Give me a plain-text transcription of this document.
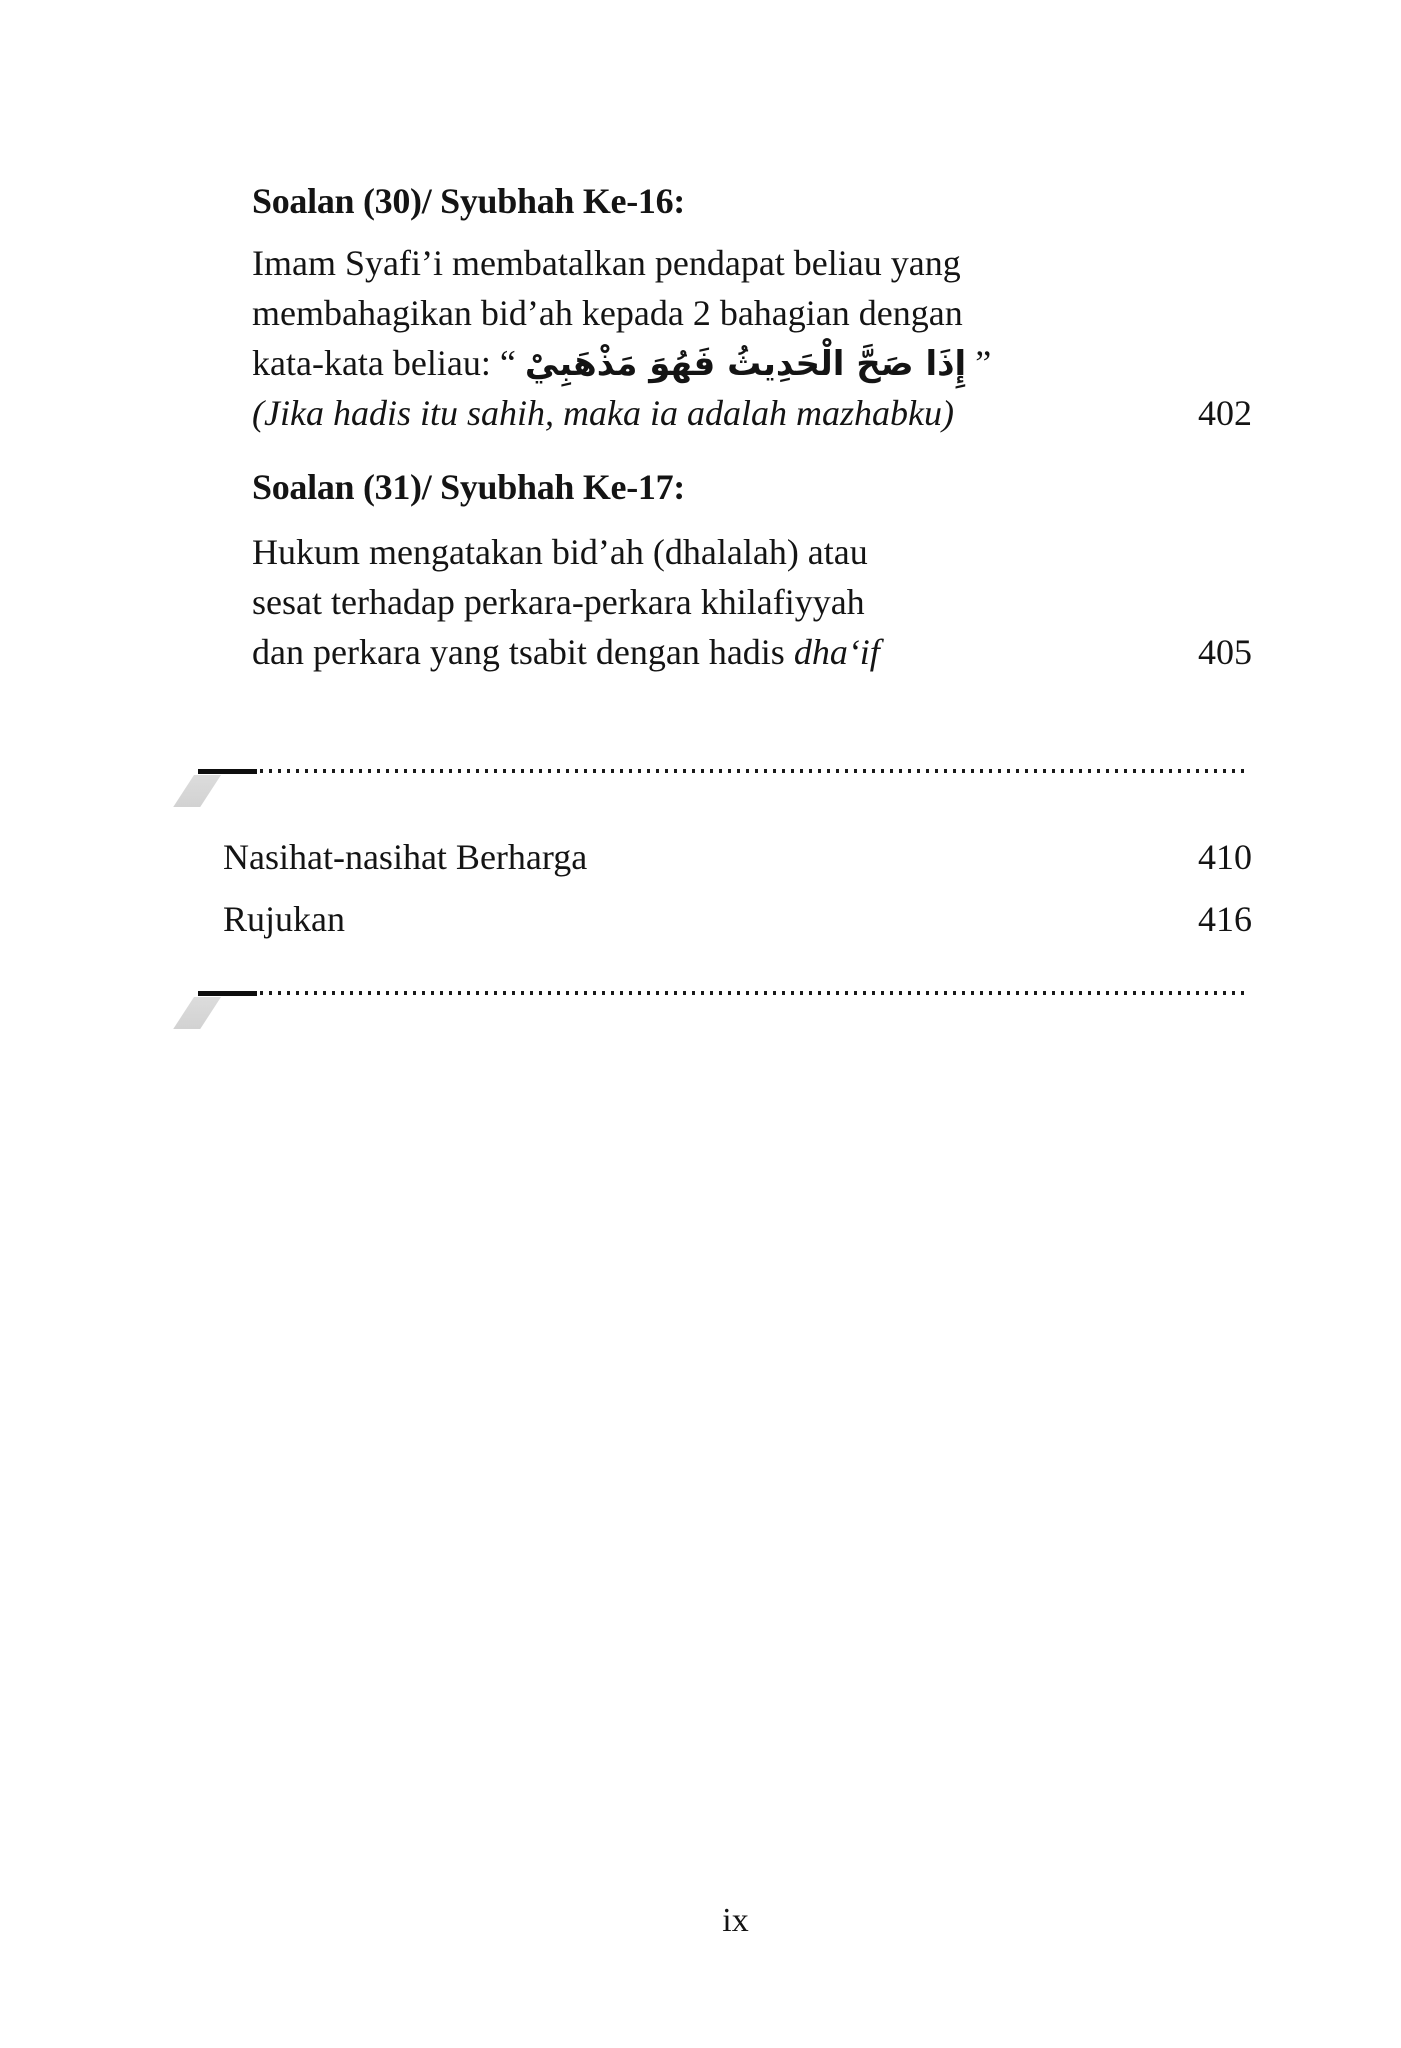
Soalan (30)/ Syubhah Ke-16:
Imam Syafi’i membatalkan pendapat beliau yang
membahagikan bid’ah kepada 2 bahagian dengan
kata-kata beliau: “ إِذَا صَحَّ الْحَدِيثُ فَهُوَ مَذْهَبِيْ ”
(Jika hadis itu sahih, maka ia adalah mazhabku)	402
Soalan (31)/ Syubhah Ke-17:
Hukum mengatakan bid’ah (dhalalah) atau
sesat terhadap perkara-perkara khilafiyyah
dan perkara yang tsabit dengan hadis dha‘if	405
Nasihat-nasihat Berharga	410
Rujukan	416
ix
